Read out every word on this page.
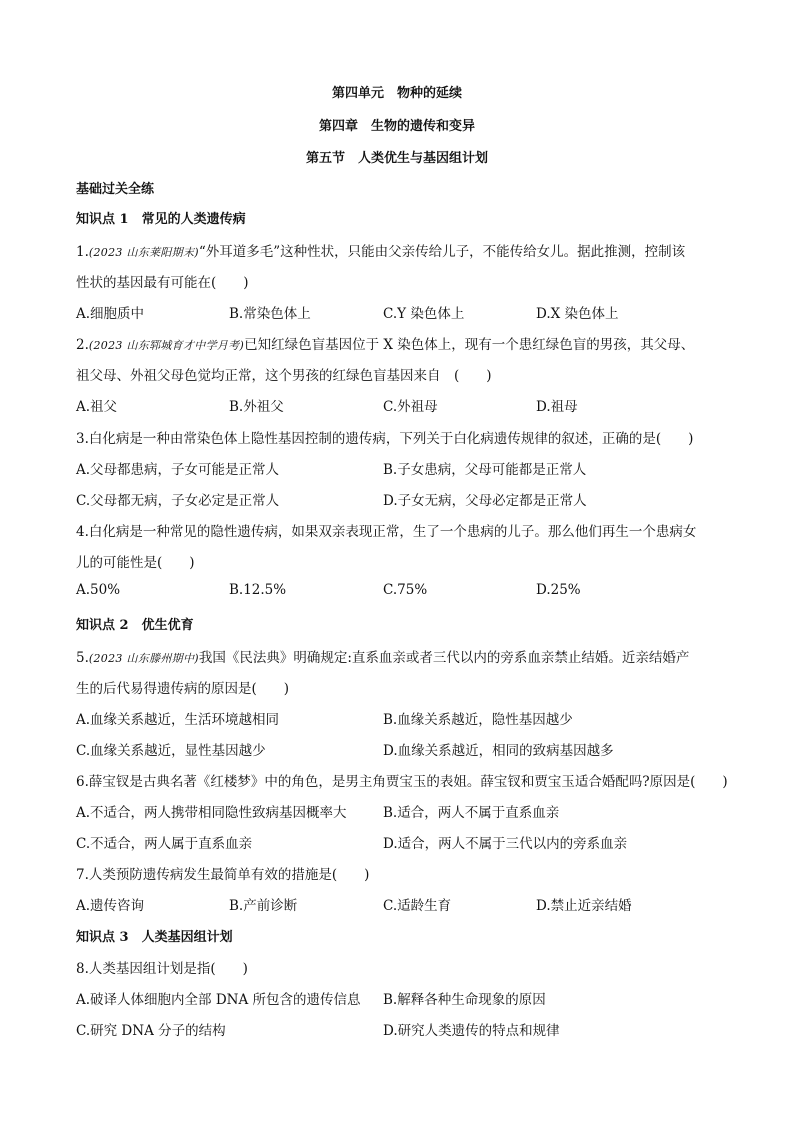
第四单元　物种的延续
第四章　生物的遗传和变异
第五节　人类优生与基因组计划
基础过关全练
知识点 1　常见的人类遗传病
1.(2023 山东莱阳期末)“外耳道多毛”这种性状，只能由父亲传给儿子，不能传给女儿。据此推测，控制该
性状的基因最有可能在(　　)
A.细胞质中	B.常染色体上	C.Y 染色体上	D.X 染色体上
2.(2023 山东郓城育才中学月考)已知红绿色盲基因位于 X 染色体上，现有一个患红绿色盲的男孩，其父母、
祖父母、外祖父母色觉均正常，这个男孩的红绿色盲基因来自　(　　)
A.祖父	B.外祖父	C.外祖母	D.祖母
3.白化病是一种由常染色体上隐性基因控制的遗传病，下列关于白化病遗传规律的叙述，正确的是(　　)
A.父母都患病，子女可能是正常人	B.子女患病，父母可能都是正常人
C.父母都无病，子女必定是正常人	D.子女无病，父母必定都是正常人
4.白化病是一种常见的隐性遗传病，如果双亲表现正常，生了一个患病的儿子。那么他们再生一个患病女
儿的可能性是(　　)
A.50%	B.12.5%	C.75%	D.25%
知识点 2　优生优育
5.(2023 山东滕州期中)我国《民法典》明确规定:直系血亲或者三代以内的旁系血亲禁止结婚。近亲结婚产
生的后代易得遗传病的原因是(　　)
A.血缘关系越近，生活环境越相同	B.血缘关系越近，隐性基因越少
C.血缘关系越近，显性基因越少	D.血缘关系越近，相同的致病基因越多
6.薛宝钗是古典名著《红楼梦》中的角色，是男主角贾宝玉的表姐。薛宝钗和贾宝玉适合婚配吗?原因是(　　)
A.不适合，两人携带相同隐性致病基因概率大	B.适合，两人不属于直系血亲
C.不适合，两人属于直系血亲	D.适合，两人不属于三代以内的旁系血亲
7.人类预防遗传病发生最简单有效的措施是(　　)
A.遗传咨询	B.产前诊断	C.适龄生育	D.禁止近亲结婚
知识点 3　人类基因组计划
8.人类基因组计划是指(　　)
A.破译人体细胞内全部 DNA 所包含的遗传信息 B.解释各种生命现象的原因
C.研究 DNA 分子的结构	D.研究人类遗传的特点和规律
